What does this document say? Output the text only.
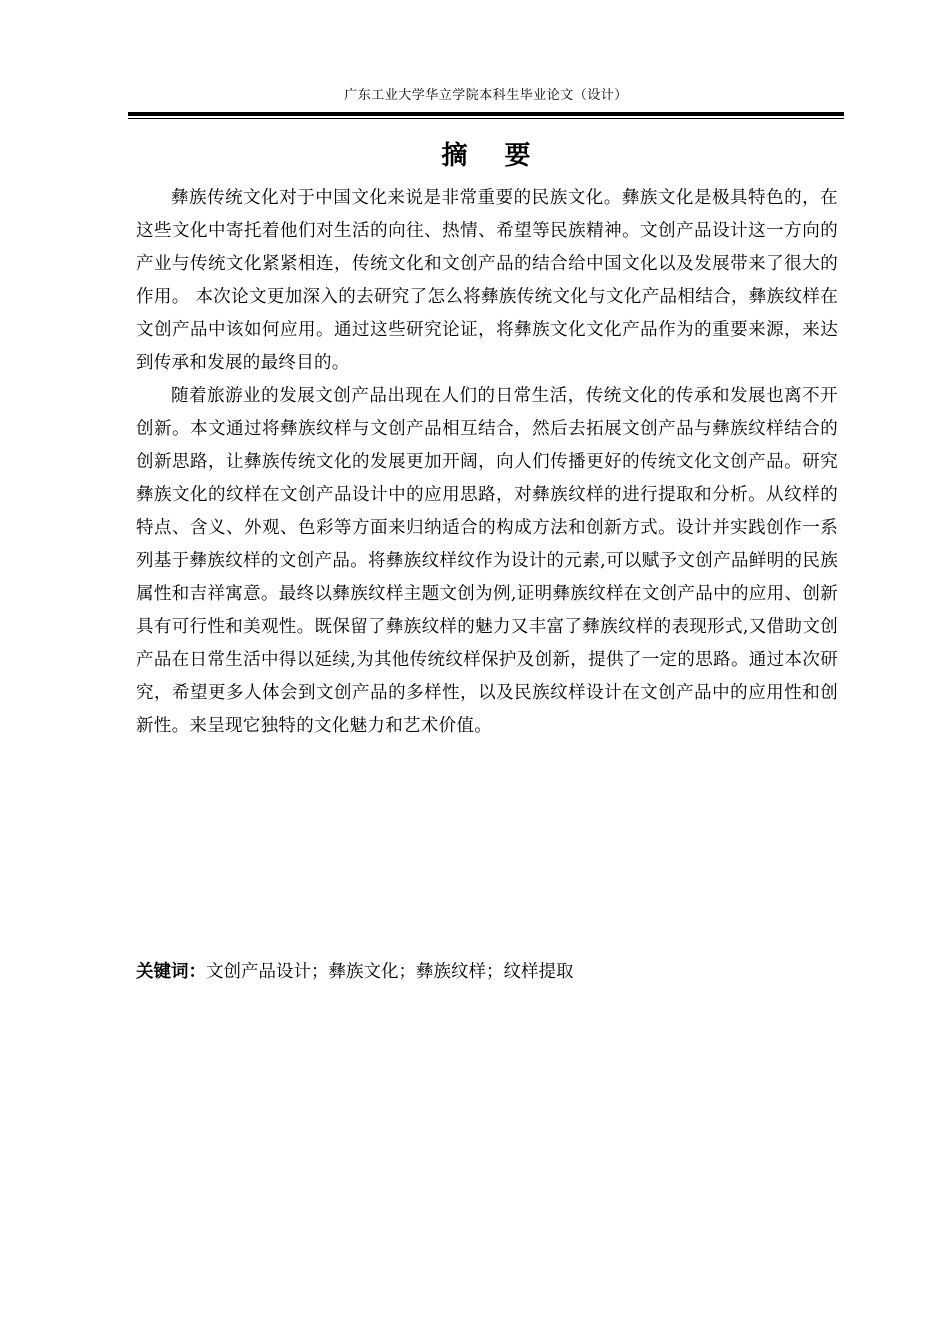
广东工业大学华立学院本科生毕业论文（设计）
摘 要

彝族传统文化对于中国文化来说是非常重要的民族文化。彝族文化是极具特色的，在这些文化中寄托着他们对生活的向往、热情、希望等民族精神。文创产品设计这一方向的产业与传统文化紧紧相连，传统文化和文创产品的结合给中国文化以及发展带来了很大的作用。 本次论文更加深入的去研究了怎么将彝族传统文化与文化产品相结合，彝族纹样在文创产品中该如何应用。通过这些研究论证，将彝族文化文化产品作为的重要来源，来达到传承和发展的最终目的。

随着旅游业的发展文创产品出现在人们的日常生活，传统文化的传承和发展也离不开创新。本文通过将彝族纹样与文创产品相互结合，然后去拓展文创产品与彝族纹样结合的创新思路，让彝族传统文化的发展更加开阔，向人们传播更好的传统文化文创产品。研究彝族文化的纹样在文创产品设计中的应用思路，对彝族纹样的进行提取和分析。从纹样的特点、含义、外观、色彩等方面来归纳适合的构成方法和创新方式。设计并实践创作一系列基于彝族纹样的文创产品。将彝族纹样纹作为设计的元素,可以赋予文创产品鲜明的民族属性和吉祥寓意。最终以彝族纹样主题文创为例,证明彝族纹样在文创产品中的应用、创新具有可行性和美观性。既保留了彝族纹样的魅力又丰富了彝族纹样的表现形式,又借助文创产品在日常生活中得以延续,为其他传统纹样保护及创新，提供了一定的思路。通过本次研究，希望更多人体会到文创产品的多样性，以及民族纹样设计在文创产品中的应用性和创新性。来呈现它独特的文化魅力和艺术价值。

关键词：文创产品设计；彝族文化；彝族纹样；纹样提取
